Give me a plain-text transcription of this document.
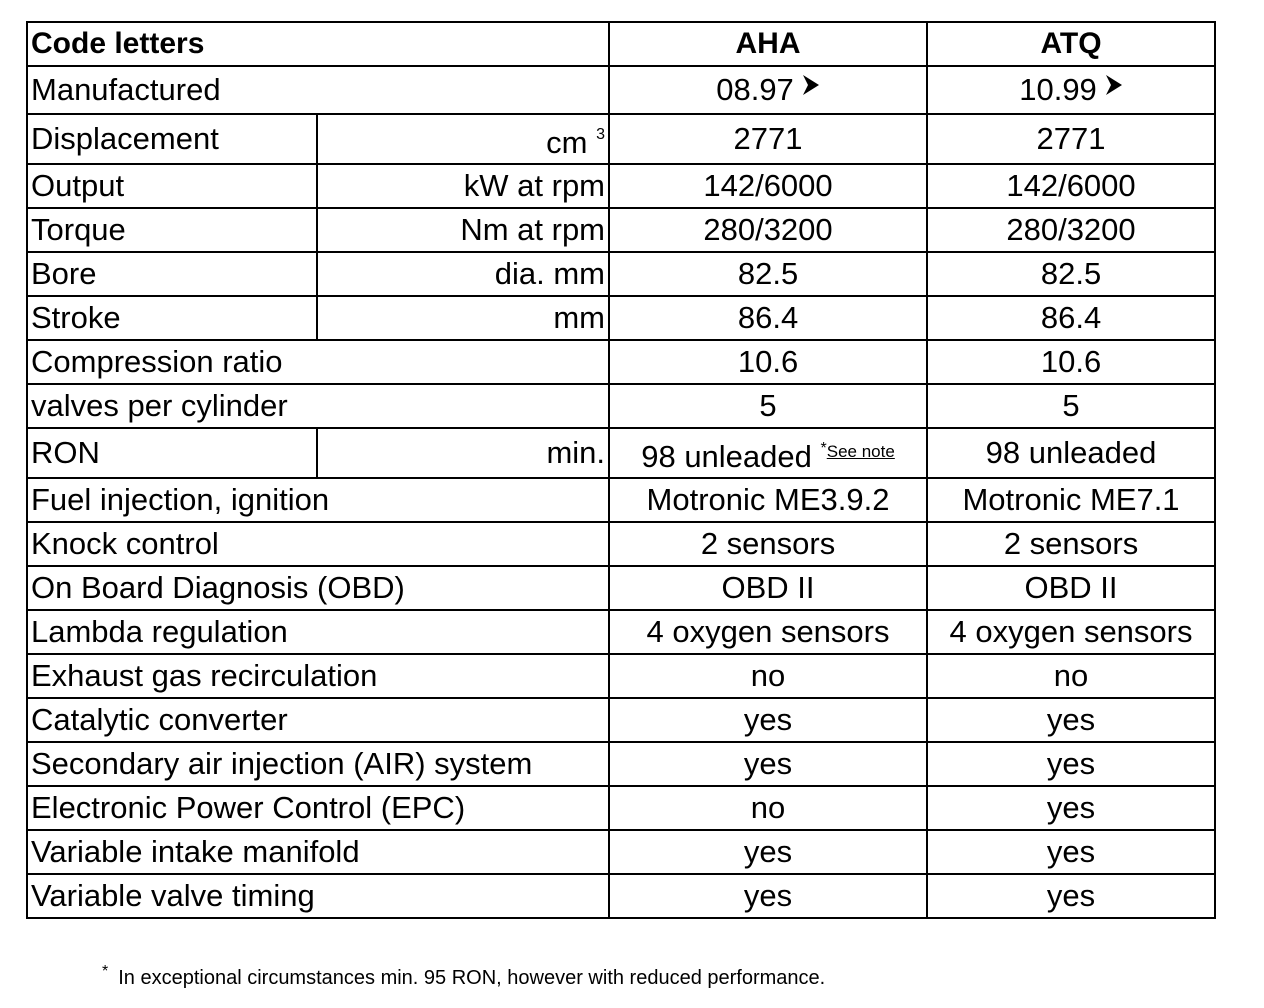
Code letters		AHA	ATQ
Manufactured		08.97	10.99
Displacement	cm $^3$	2771	2771
Output	kW at rpm	142/6000	142/6000
Torque	Nm at rpm	280/3200	280/3200
Bore	dia. mm	82.5	82.5
Stroke	mm	86.4	86.4
Compression ratio		10.6	10.6
valves per cylinder		5	5
RON	min.	98 unleaded $^{*See note}$	98 unleaded
Fuel injection, ignition		Motronic ME3.9.2	Motronic ME7.1
Knock control		2 sensors	2 sensors
On Board Diagnosis (OBD)		OBD II	OBD II
Lambda regulation		4 oxygen sensors	4 oxygen sensors
Exhaust gas recirculation		no	no
Catalytic converter		yes	yes
Secondary air injection (AIR) system		yes	yes
Electronic Power Control (EPC)		no	yes
Variable intake manifold		yes	yes
Variable valve timing		yes	yes
* In exceptional circumstances min. 95 RON, however with reduced performance.
